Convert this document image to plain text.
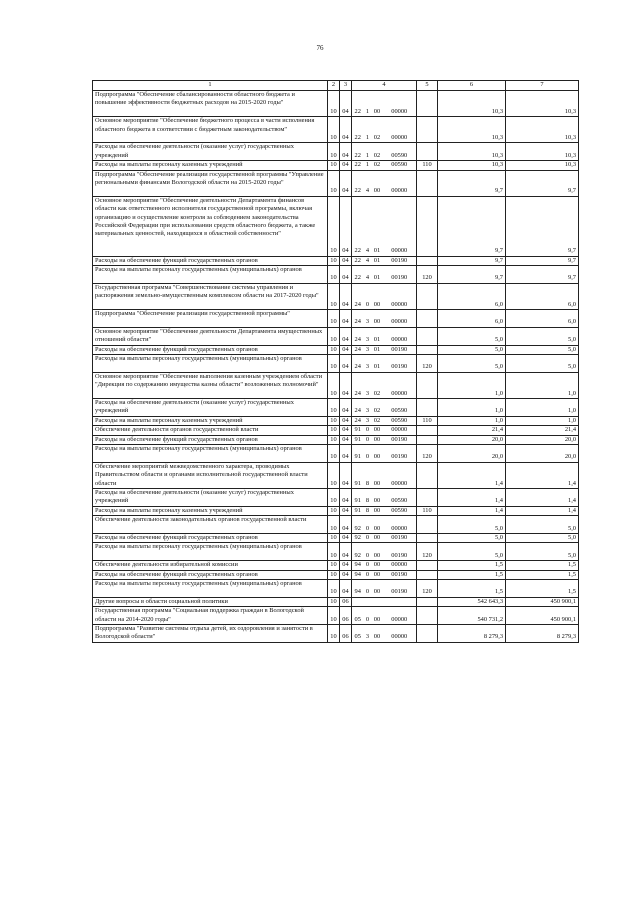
76
1	2	3	4				5	6	7
Подпрограмма "Обеспечение сбалансированности областного бюджета и повышение эффективности бюджетных расходов на 2015-2020 годы"	10	04	22	1	00	00000		10,3	10,3
Основное мероприятие "Обеспечение бюджетного процесса в части исполнения областного бюджета в соответствии с бюджетным законодательством"	10	04	22	1	02	00000		10,3	10,3
Расходы на обеспечение деятельности (оказание услуг) государственных учреждений	10	04	22	1	02	00590		10,3	10,3
Расходы на выплаты персоналу казенных учреждений	10	04	22	1	02	00590	110	10,3	10,3
Подпрограмма "Обеспечение реализации государственной программы "Управление региональными финансами Вологодской области на 2015-2020 годы"	10	04	22	4	00	00000		9,7	9,7
Основное мероприятие "Обеспечение деятельности Департамента финансов области как ответственного исполнителя государственной программы, включая организацию и осуществление контроля за соблюдением законодательства Российской Федерации при использовании средств областного бюджета, а также материальных ценностей, находящихся в областной собственности"	10	04	22	4	01	00000		9,7	9,7
Расходы на обеспечение функций государственных органов	10	04	22	4	01	00190		9,7	9,7
Расходы на выплаты персоналу государственных (муниципальных) органов	10	04	22	4	01	00190	120	9,7	9,7
Государственная программа "Совершенствование системы управления и распоряжения земельно-имущественным комплексом области на 2017-2020 годы"	10	04	24	0	00	00000		6,0	6,0
Подпрограмма "Обеспечение реализации государственной программы"	10	04	24	3	00	00000		6,0	6,0
Основное мероприятие "Обеспечение деятельности Департамента имущественных отношений области"	10	04	24	3	01	00000		5,0	5,0
Расходы на обеспечение функций государственных органов	10	04	24	3	01	00190		5,0	5,0
Расходы на выплаты персоналу государственных (муниципальных) органов	10	04	24	3	01	00190	120	5,0	5,0
Основное мероприятие "Обеспечение выполнения казенным учреждением области "Дирекция по содержанию имущества казны области" возложенных полномочий"	10	04	24	3	02	00000		1,0	1,0
Расходы на обеспечение деятельности (оказание услуг) государственных учреждений	10	04	24	3	02	00590		1,0	1,0
Расходы на выплаты персоналу казенных учреждений	10	04	24	3	02	00590	110	1,0	1,0
Обеспечение деятельности органов государственной власти	10	04	91	0	00	00000		21,4	21,4
Расходы на обеспечение функций государственных органов	10	04	91	0	00	00190		20,0	20,0
Расходы на выплаты персоналу государственных (муниципальных) органов	10	04	91	0	00	00190	120	20,0	20,0
Обеспечение мероприятий межведомственного характера, проводимых Правительством области и органами исполнительной государственной власти области	10	04	91	8	00	00000		1,4	1,4
Расходы на обеспечение деятельности (оказание услуг) государственных учреждений	10	04	91	8	00	00590		1,4	1,4
Расходы на выплаты персоналу казенных учреждений	10	04	91	8	00	00590	110	1,4	1,4
Обеспечение деятельности законодательных органов государственной власти	10	04	92	0	00	00000		5,0	5,0
Расходы на обеспечение функций государственных органов	10	04	92	0	00	00190		5,0	5,0
Расходы на выплаты персоналу государственных (муниципальных) органов	10	04	92	0	00	00190	120	5,0	5,0
Обеспечение деятельности избирательной комиссии	10	04	94	0	00	00000		1,5	1,5
Расходы на обеспечение функций государственных органов	10	04	94	0	00	00190		1,5	1,5
Расходы на выплаты персоналу государственных (муниципальных) органов	10	04	94	0	00	00190	120	1,5	1,5
Другие вопросы в области социальной политики	10	06						542 643,3	450 900,1
Государственная программа "Социальная поддержка граждан в Вологодской области на 2014-2020 годы"	10	06	05	0	00	00000		540 731,2	450 900,1
Подпрограмма "Развитие системы отдыха детей, их оздоровления и занятости в Вологодской области"	10	06	05	3	00	00000		8 279,3	8 279,3
